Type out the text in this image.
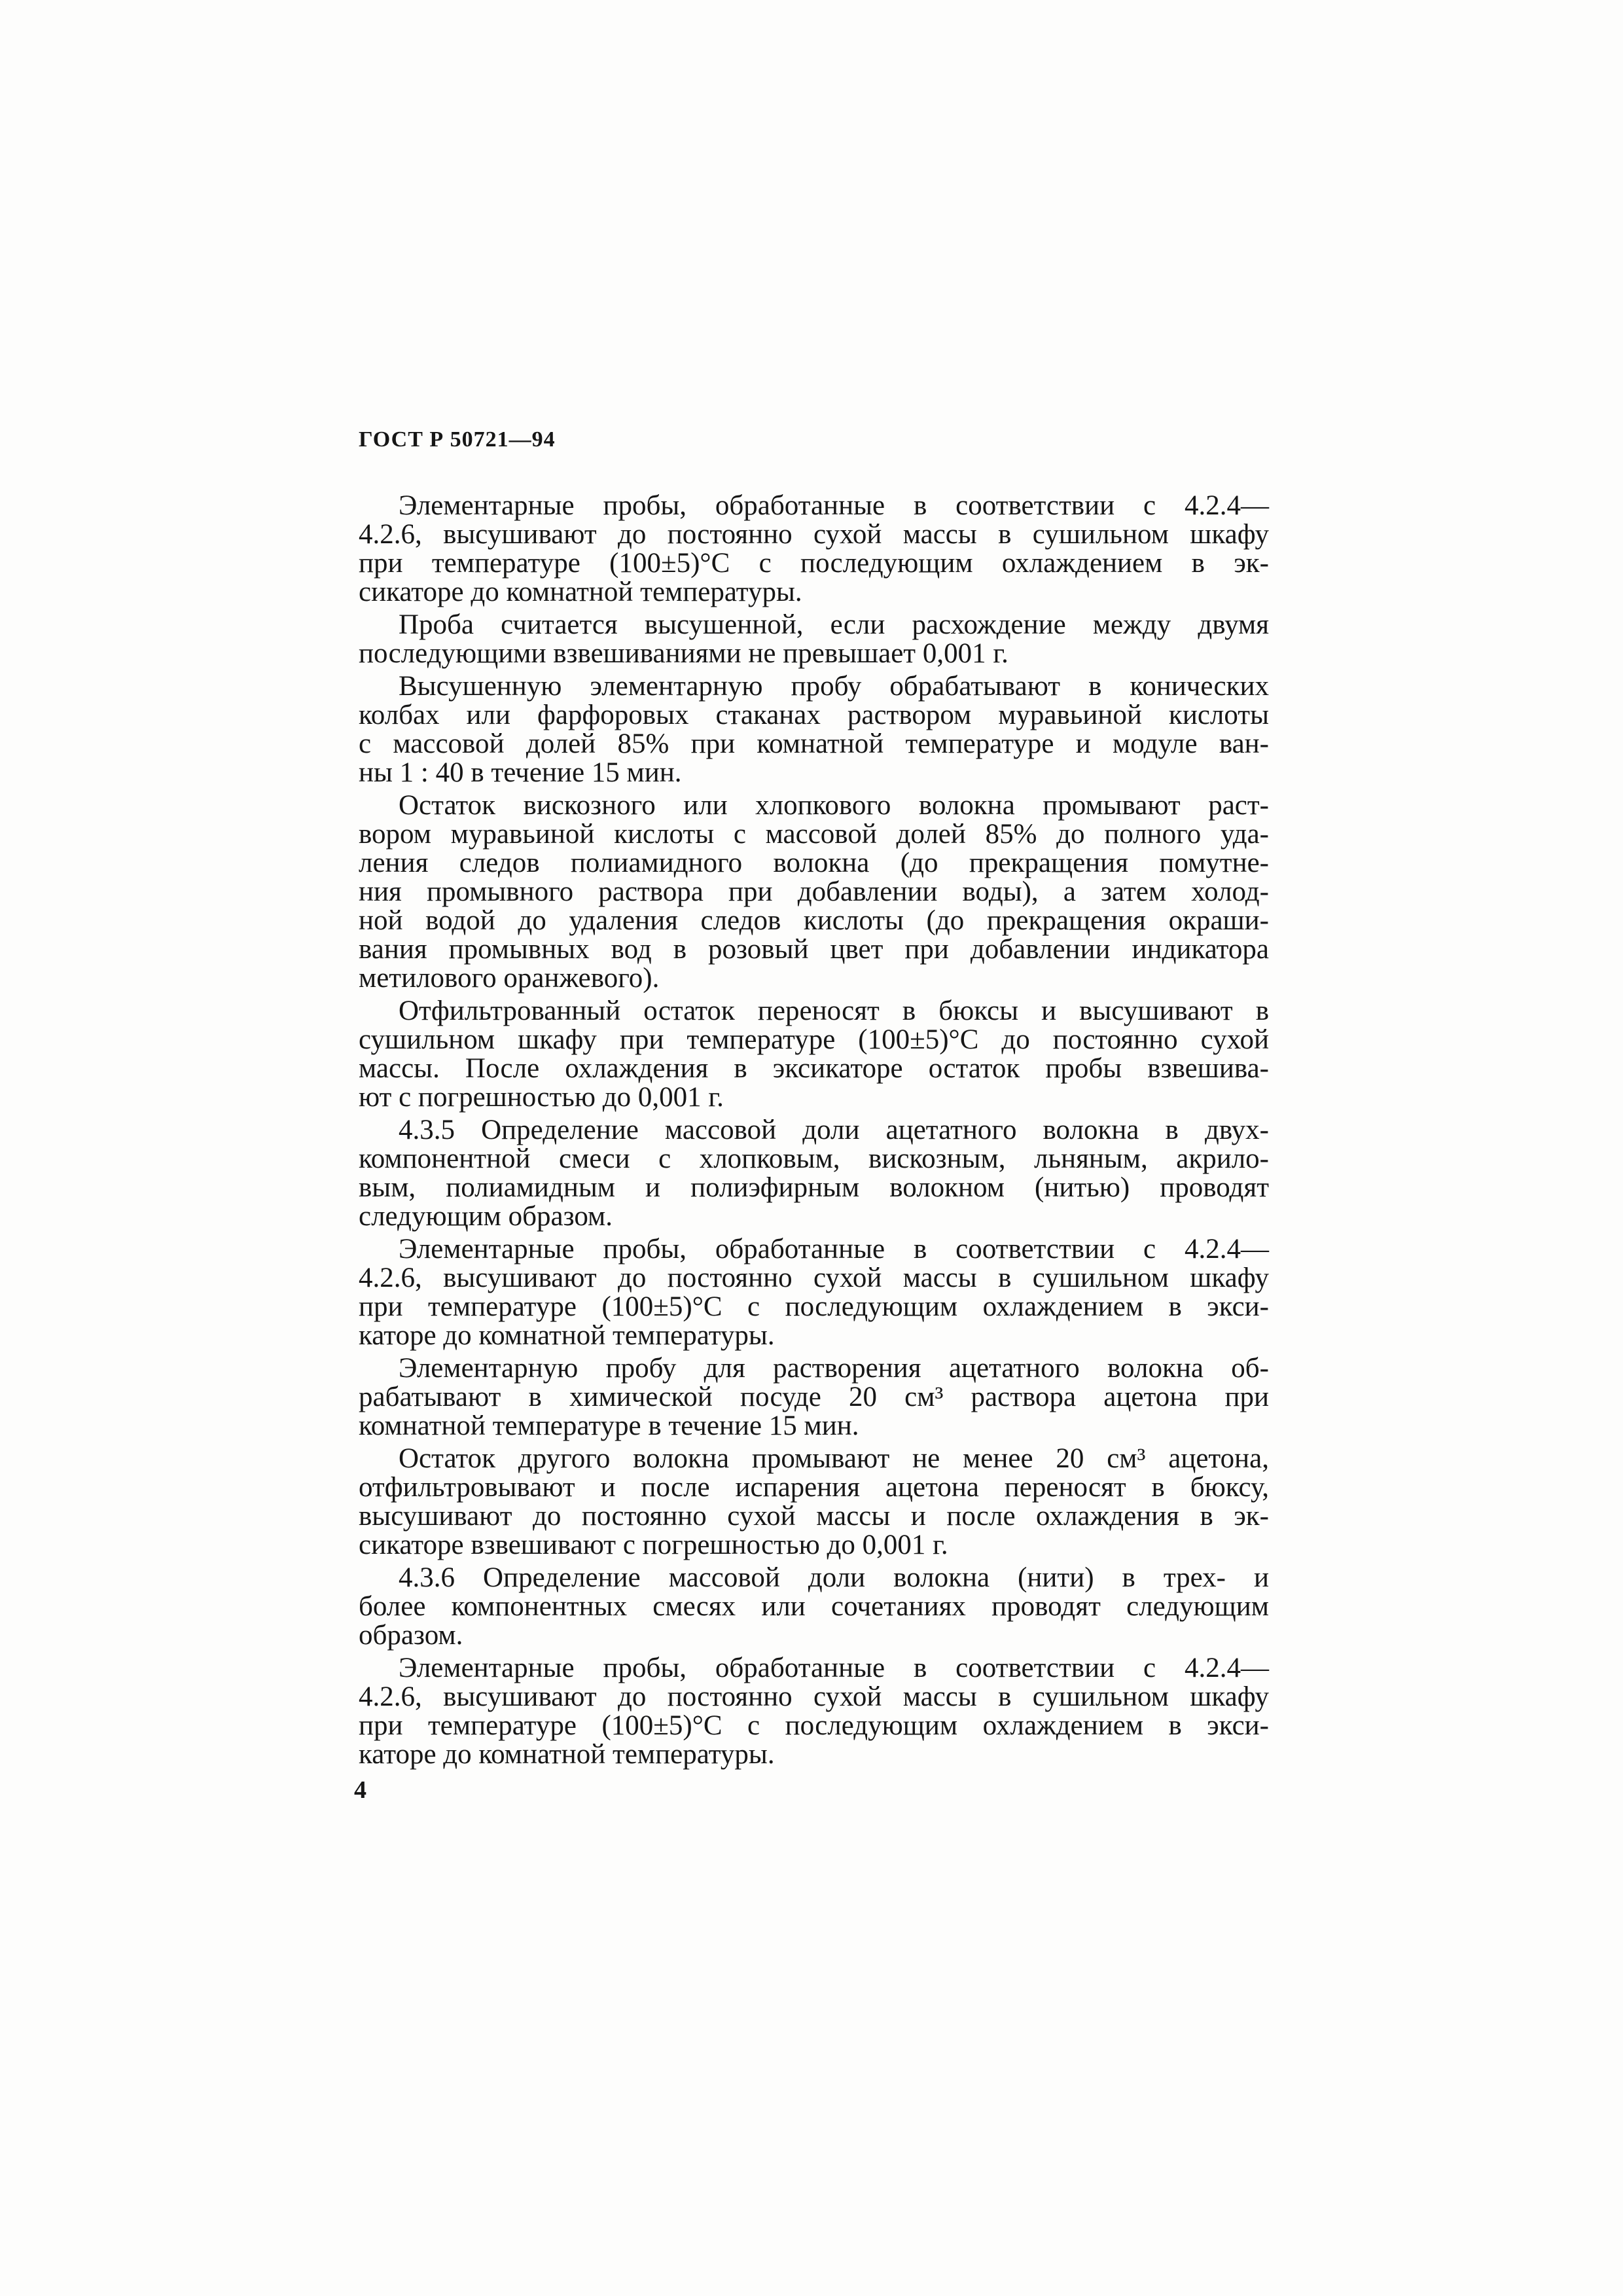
ГОСТ Р 50721—94
Элементарные пробы, обработанные в соответствии с 4.2.4—
4.2.6, высушивают до постоянно сухой массы в сушильном шкафу
при температуре (100±5)°С с последующим охлаждением в эк-
сикаторе до комнатной температуры.
Проба считается высушенной, если расхождение между двумя
последующими взвешиваниями не превышает 0,001 г.
Высушенную элементарную пробу обрабатывают в конических
колбах или фарфоровых стаканах раствором муравьиной кислоты
с массовой долей 85% при комнатной температуре и модуле ван-
ны 1 : 40 в течение 15 мин.
Остаток вискозного или хлопкового волокна промывают раст-
вором муравьиной кислоты с массовой долей 85% до полного уда-
ления следов полиамидного волокна (до прекращения помутне-
ния промывного раствора при добавлении воды), а затем холод-
ной водой до удаления следов кислоты (до прекращения окраши-
вания промывных вод в розовый цвет при добавлении индикатора
метилового оранжевого).
Отфильтрованный остаток переносят в бюксы и высушивают в
сушильном шкафу при температуре (100±5)°С до постоянно сухой
массы. После охлаждения в эксикаторе остаток пробы взвешива-
ют с погрешностью до 0,001 г.
4.3.5 Определение массовой доли ацетатного волокна в двух-
компонентной смеси с хлопковым, вискозным, льняным, акрило-
вым, полиамидным и полиэфирным волокном (нитью) проводят
следующим образом.
Элементарные пробы, обработанные в соответствии с 4.2.4—
4.2.6, высушивают до постоянно сухой массы в сушильном шкафу
при температуре (100±5)°С с последующим охлаждением в экси-
каторе до комнатной температуры.
Элементарную пробу для растворения ацетатного волокна об-
рабатывают в химической посуде 20 см³ раствора ацетона при
комнатной температуре в течение 15 мин.
Остаток другого волокна промывают не менее 20 см³ ацетона,
отфильтровывают и после испарения ацетона переносят в бюксу,
высушивают до постоянно сухой массы и после охлаждения в эк-
сикаторе взвешивают с погрешностью до 0,001 г.
4.3.6 Определение массовой доли волокна (нити) в трех- и
более компонентных смесях или сочетаниях проводят следующим
образом.
Элементарные пробы, обработанные в соответствии с 4.2.4—
4.2.6, высушивают до постоянно сухой массы в сушильном шкафу
при температуре (100±5)°С с последующим охлаждением в экси-
каторе до комнатной температуры.
4
